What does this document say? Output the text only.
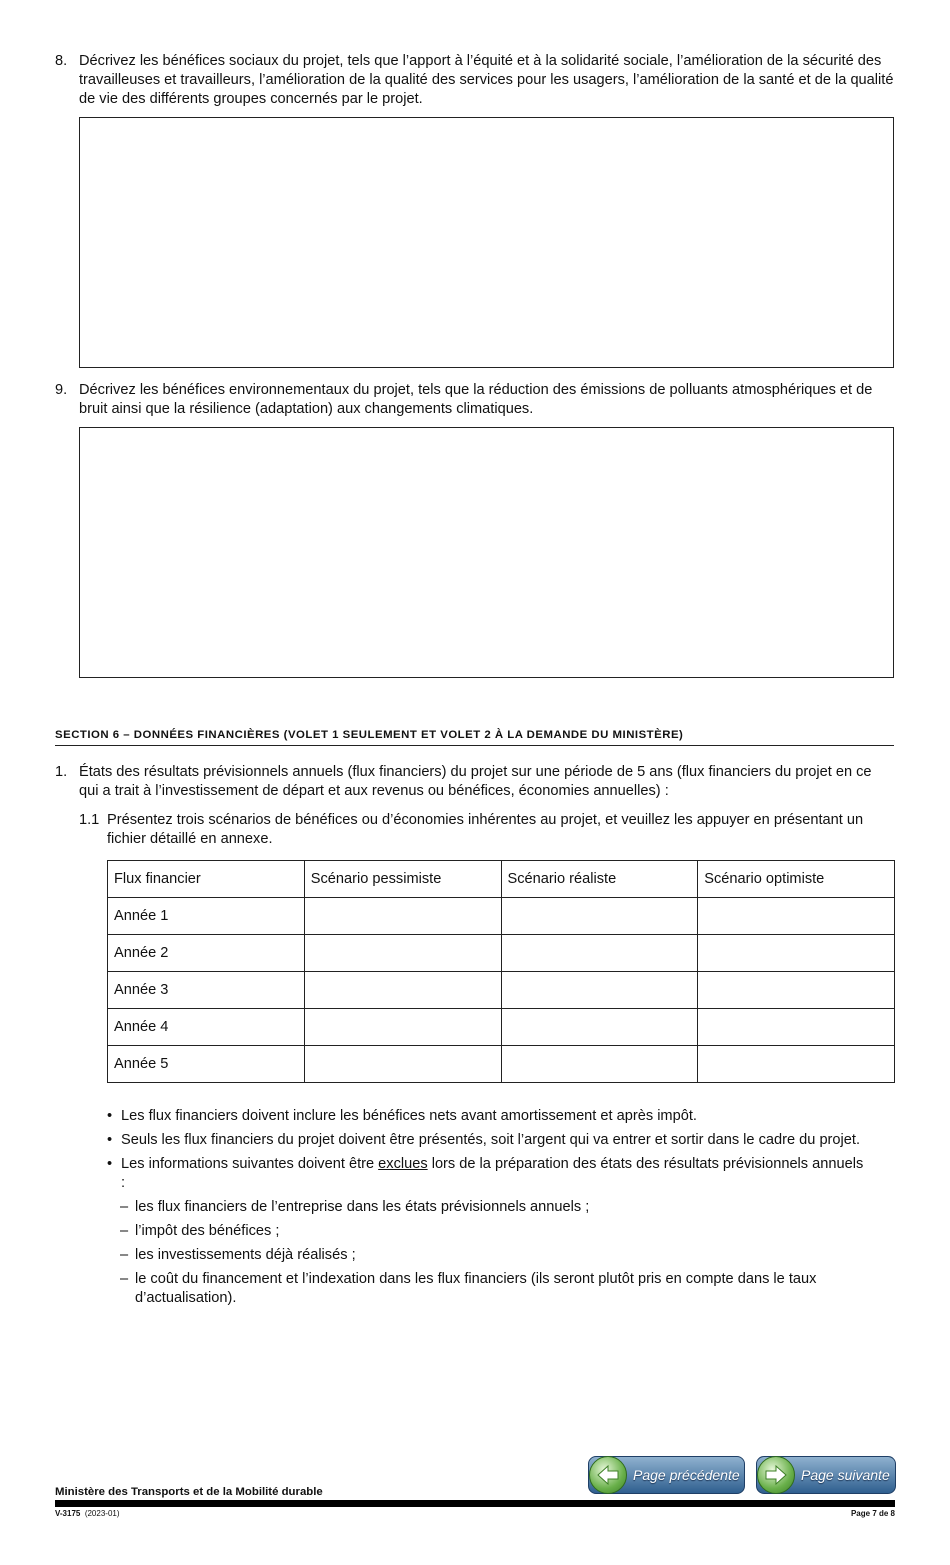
8. Décrivez les bénéfices sociaux du projet, tels que l’apport à l’équité et à la solidarité sociale, l’amélioration de la sécurité des travailleuses et travailleurs, l’amélioration de la qualité des services pour les usagers, l’amélioration de la santé et de la qualité de vie des différents groupes concernés par le projet.
9. Décrivez les bénéfices environnementaux du projet, tels que la réduction des émissions de polluants atmosphériques et de bruit ainsi que la résilience (adaptation) aux changements climatiques.
SECTION 6 – DONNÉES FINANCIÈRES (VOLET 1 SEULEMENT ET VOLET 2 À LA DEMANDE DU MINISTÈRE)
1. États des résultats prévisionnels annuels (flux financiers) du projet sur une période de 5 ans (flux financiers du projet en ce qui a trait à l’investissement de départ et aux revenus ou bénéfices, économies annuelles) :
1.1 Présentez trois scénarios de bénéfices ou d’économies inhérentes au projet, et veuillez les appuyer en présentant un fichier détaillé en annexe.
Flux financier	Scénario pessimiste	Scénario réaliste	Scénario optimiste
Année 1			
Année 2			
Année 3			
Année 4			
Année 5			
• Les flux financiers doivent inclure les bénéfices nets avant amortissement et après impôt.
• Seuls les flux financiers du projet doivent être présentés, soit l’argent qui va entrer et sortir dans le cadre du projet.
• Les informations suivantes doivent être exclues lors de la préparation des états des résultats prévisionnels annuels :
– les flux financiers de l’entreprise dans les états prévisionnels annuels ;
– l’impôt des bénéfices ;
– les investissements déjà réalisés ;
– le coût du financement et l’indexation dans les flux financiers (ils seront plutôt pris en compte dans le taux d’actualisation).
Page précédente	Page suivante
Ministère des Transports et de la Mobilité durable
V-3175 (2023-01)	Page 7 de 8
